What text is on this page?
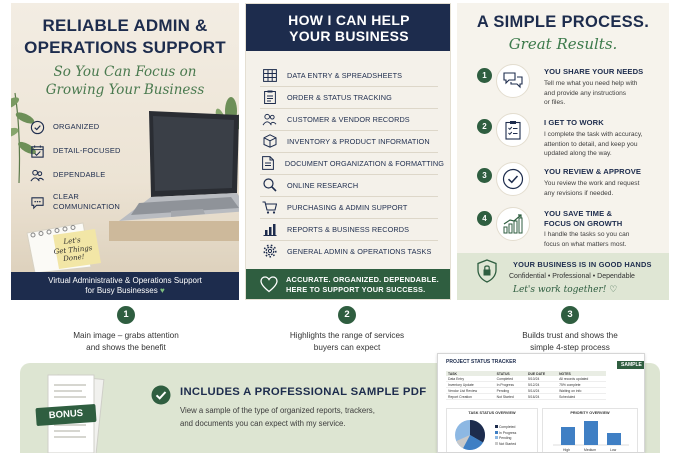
RELIABLE ADMIN &
OPERATIONS SUPPORT
So You Can Focus on
Growing Your Business
ORGANIZED
DETAIL-FOCUSED
DEPENDABLE
CLEAR
COMMUNICATION
Let's
Get Things
Done!
Virtual Administrative & Operations Support
for Busy Businesses ♥
HOW I CAN HELP
YOUR BUSINESS
DATA ENTRY & SPREADSHEETS
ORDER & STATUS TRACKING
CUSTOMER & VENDOR RECORDS
INVENTORY & PRODUCT INFORMATION
DOCUMENT ORGANIZATION & FORMATTING
ONLINE RESEARCH
PURCHASING & ADMIN SUPPORT
REPORTS & BUSINESS RECORDS
GENERAL ADMIN & OPERATIONS TASKS
ACCURATE. ORGANIZED. DEPENDABLE.
HERE TO SUPPORT YOUR SUCCESS.
A SIMPLE PROCESS.
Great Results.
1	YOU SHARE YOUR NEEDS
Tell me what you need help with
and provide any instructions
or files.
2	I GET TO WORK
I complete the task with accuracy,
attention to detail, and keep you
updated along the way.
3	YOU REVIEW & APPROVE
You review the work and request
any revisions if needed.
4
YOU SAVE TIME &
FOCUS ON GROWTH
I handle the tasks so you can
focus on what matters most.
YOUR BUSINESS IS IN GOOD HANDS
Confidential • Professional • Dependable
Let's work together! ♡
1
Main image – grabs attention
and shows the benefit
2
Highlights the range of services
buyers can expect
3
Builds trust and shows the
simple 4-step process
BONUS
INCLUDES A PROFESSIONAL SAMPLE PDF
View a sample of the type of organized reports, trackers,
and documents you can expect with my service.
PROJECT STATUS TRACKER	SAMPLE
TASK	STATUS	DUE DATE	NOTES
Data Entry	Completed	5/10/24	All records updated
Inventory Update	In Progress	5/12/24	75% complete
Vendor List Review	Pending	5/14/24	Waiting on info
Report Creation	Not Started	5/16/24	Scheduled
TASK STATUS OVERVIEW
Completed
In Progress
Pending
Not Started
PRIORITY OVERVIEW
High	Medium	Low
